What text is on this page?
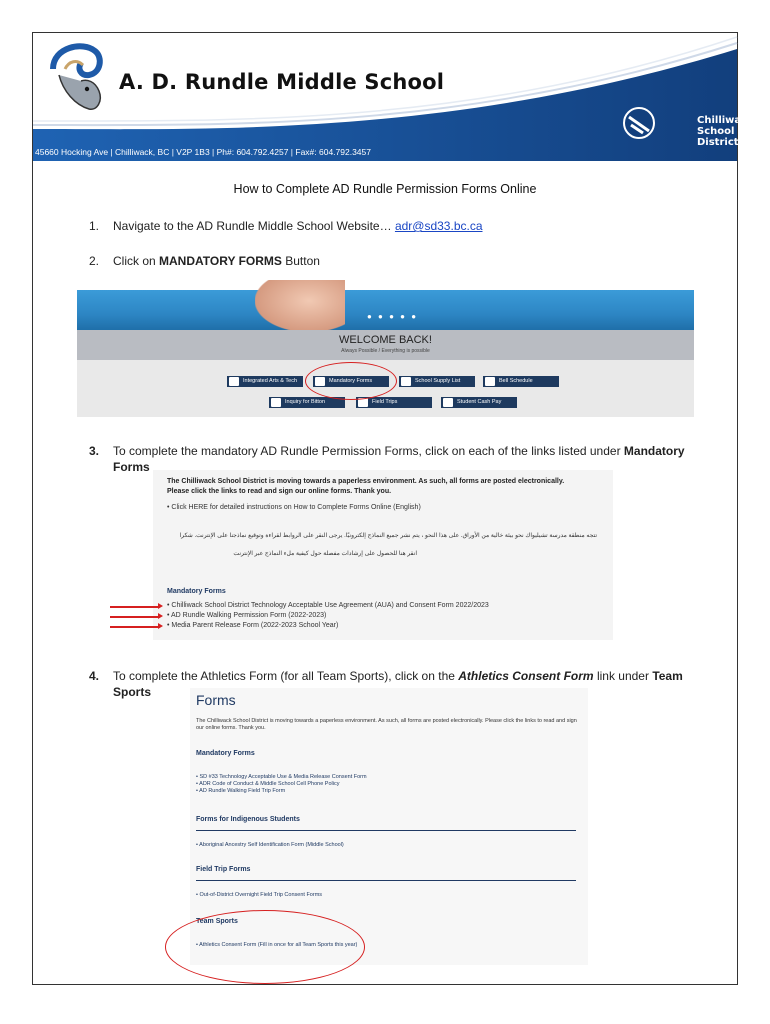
A. D. Rundle Middle School
Chilliwack
School District
45660 Hocking Ave | Chilliwack, BC | V2P 1B3 | Ph#: 604.792.4257 | Fax#: 604.792.3457
How to Complete AD Rundle Permission Forms Online
1. Navigate to the AD Rundle Middle School Website… adr@sd33.bc.ca
2. Click on MANDATORY FORMS Button
● ● ● ● ●
WELCOME BACK!
Always Possible / Everything is possible
Integrated Arts & Tech	Mandatory Forms	School Supply List	Bell Schedule
Inquiry for Bitton	Field Trips	Student Cash Pay
3. To complete the mandatory AD Rundle Permission Forms, click on each of the links listed under Mandatory
Forms
The Chilliwack School District is moving towards a paperless environment. As such, all forms are posted electronically.
Please click the links to read and sign our online forms. Thank you.
• Click HERE for detailed instructions on How to Complete Forms Online (English)
تتجه منطقة مدرسة تشيليواك نحو بيئة خالية من الأوراق. على هذا النحو ، يتم نشر جميع النماذج إلكترونيًا. يرجى النقر على الروابط لقراءة وتوقيع نماذجنا على الإنترنت. شكرا
انقر هنا للحصول على إرشادات مفصلة حول كيفية ملء النماذج عبر الإنترنت
Mandatory Forms
• Chilliwack School District Technology Acceptable Use Agreement (AUA) and Consent Form 2022/2023
• AD Rundle Walking Permission Form (2022-2023)
• Media Parent Release Form (2022-2023 School Year)
4. To complete the Athletics Form (for all Team Sports), click on the Athletics Consent Form link under Team
Sports	Forms
The Chilliwack School District is moving towards a paperless environment. As such, all forms are posted electronically. Please click the links to read and sign our online forms. Thank you.
Mandatory Forms
• SD #33 Technology Acceptable Use & Media Release Consent Form
• ADR Code of Conduct & Middle School Cell Phone Policy
• AD Rundle Walking Field Trip Form
Forms for Indigenous Students
• Aboriginal Ancestry Self Identification Form (Middle School)
Field Trip Forms
• Out-of-District Overnight Field Trip Consent Forms
Team Sports
• Athletics Consent Form (Fill in once for all Team Sports this year)
